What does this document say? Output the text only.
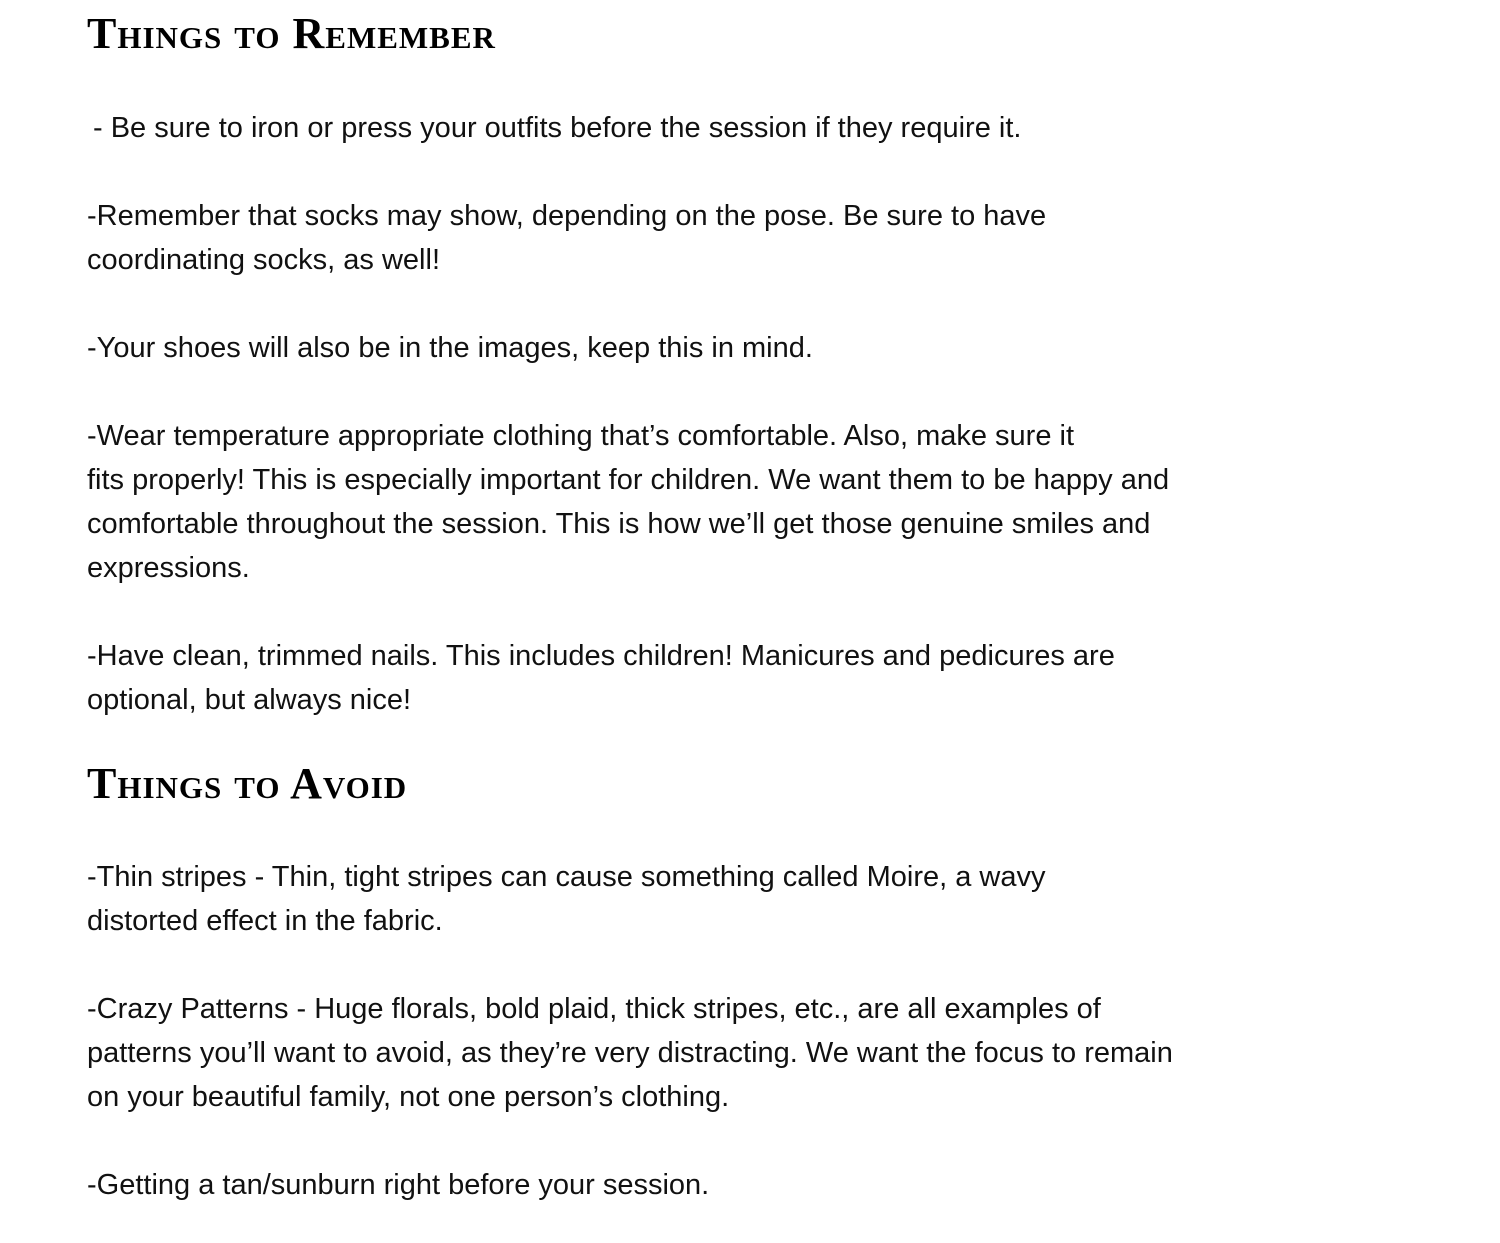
Things to Remember

- Be sure to iron or press your outfits before the session if they require it.

-Remember that socks may show, depending on the pose. Be sure to have
coordinating socks, as well!

-Your shoes will also be in the images, keep this in mind.

-Wear temperature appropriate clothing that’s comfortable. Also, make sure it
fits properly! This is especially important for children. We want them to be happy and
comfortable throughout the session. This is how we’ll get those genuine smiles and
expressions.

-Have clean, trimmed nails. This includes children! Manicures and pedicures are
optional, but always nice!

Things to Avoid

-Thin stripes - Thin, tight stripes can cause something called Moire, a wavy
distorted effect in the fabric.

-Crazy Patterns - Huge florals, bold plaid, thick stripes, etc., are all examples of
patterns you’ll want to avoid, as they’re very distracting. We want the focus to remain
on your beautiful family, not one person’s clothing.

-Getting a tan/sunburn right before your session.
